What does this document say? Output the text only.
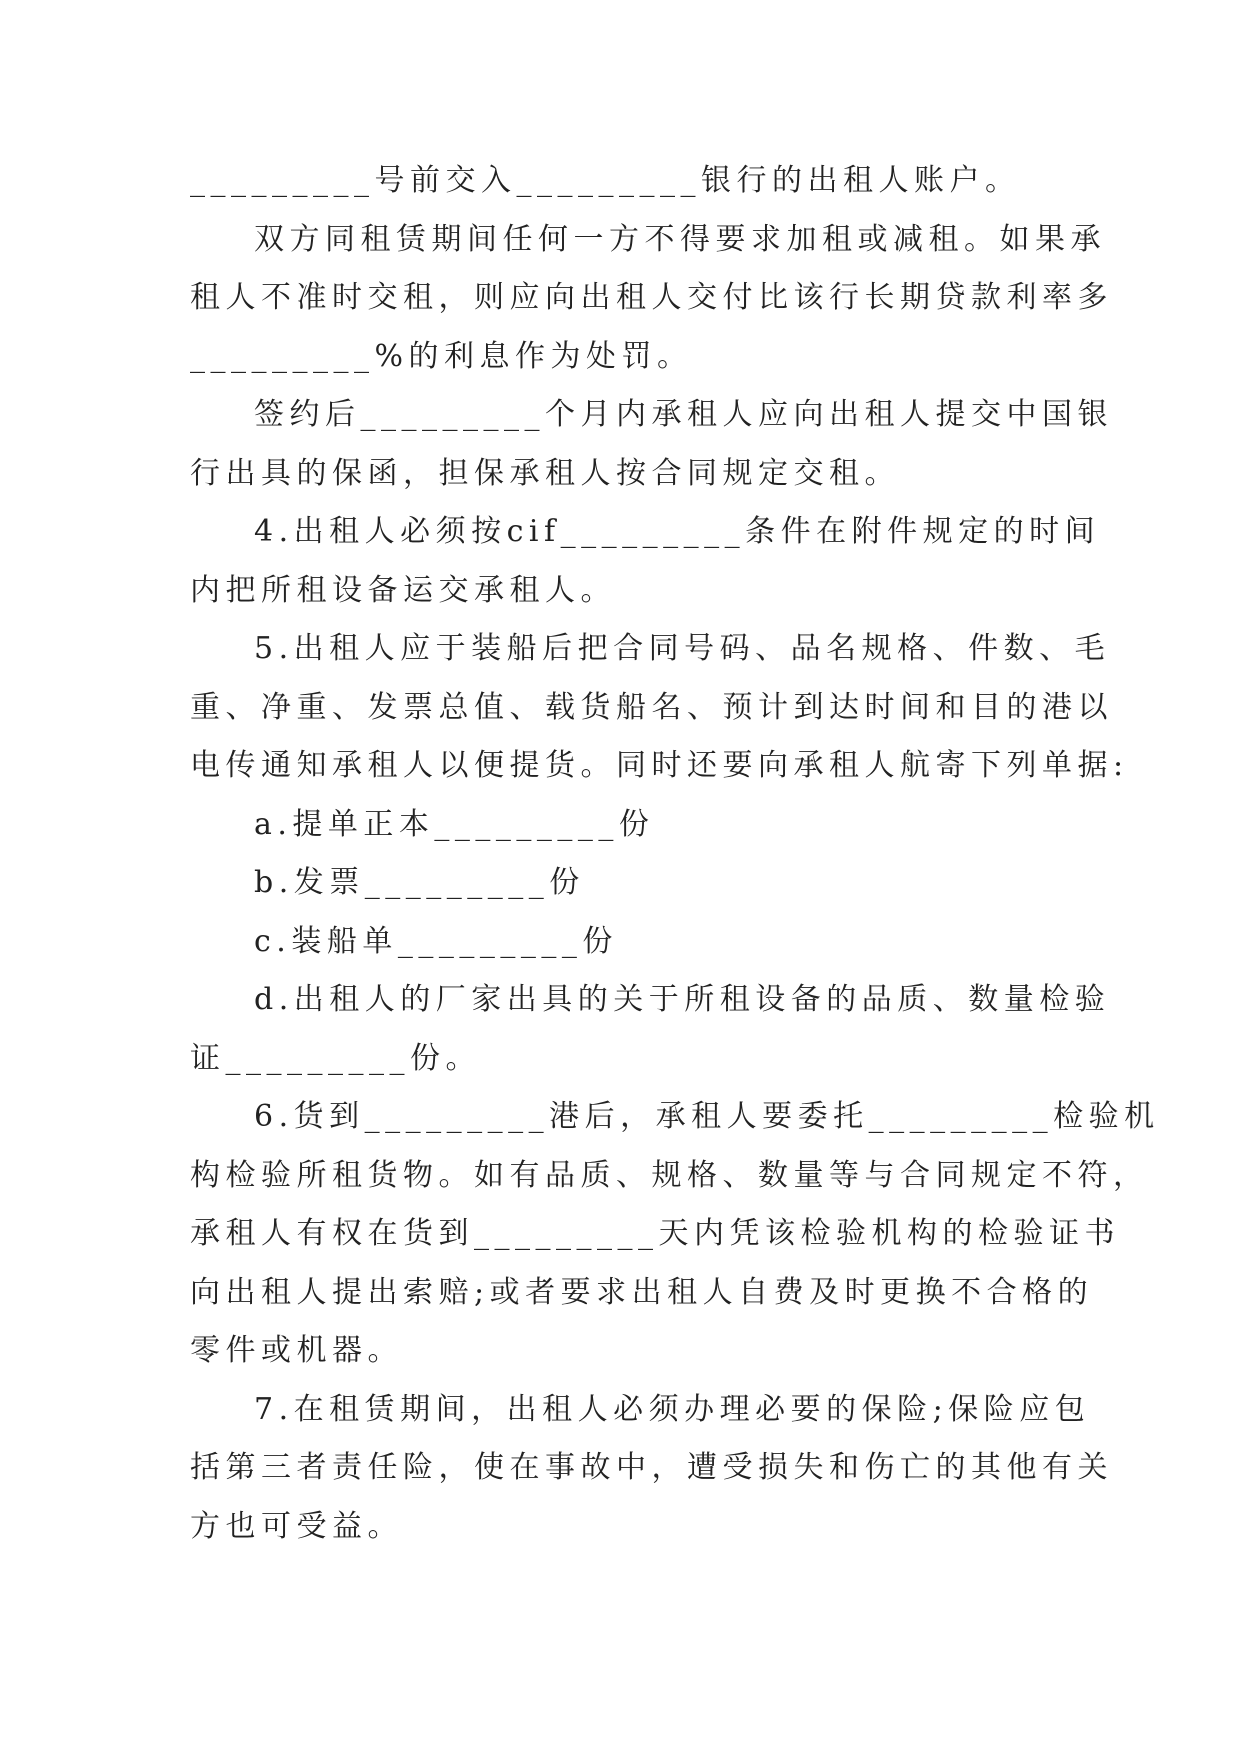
_________号前交入_________银行的出租人账户。
双方同租赁期间任何一方不得要求加租或减租。如果承
租人不准时交租，则应向出租人交付比该行长期贷款利率多
_________%的利息作为处罚。
签约后_________个月内承租人应向出租人提交中国银
行出具的保函，担保承租人按合同规定交租。
4.出租人必须按cif_________条件在附件规定的时间
内把所租设备运交承租人。
5.出租人应于装船后把合同号码、品名规格、件数、毛
重、净重、发票总值、载货船名、预计到达时间和目的港以
电传通知承租人以便提货。同时还要向承租人航寄下列单据:
a.提单正本_________份
b.发票_________份
c.装船单_________份
d.出租人的厂家出具的关于所租设备的品质、数量检验
证_________份。
6.货到_________港后，承租人要委托_________检验机
构检验所租货物。如有品质、规格、数量等与合同规定不符，
承租人有权在货到_________天内凭该检验机构的检验证书
向出租人提出索赔;或者要求出租人自费及时更换不合格的
零件或机器。
7.在租赁期间，出租人必须办理必要的保险;保险应包
括第三者责任险，使在事故中，遭受损失和伤亡的其他有关
方也可受益。
